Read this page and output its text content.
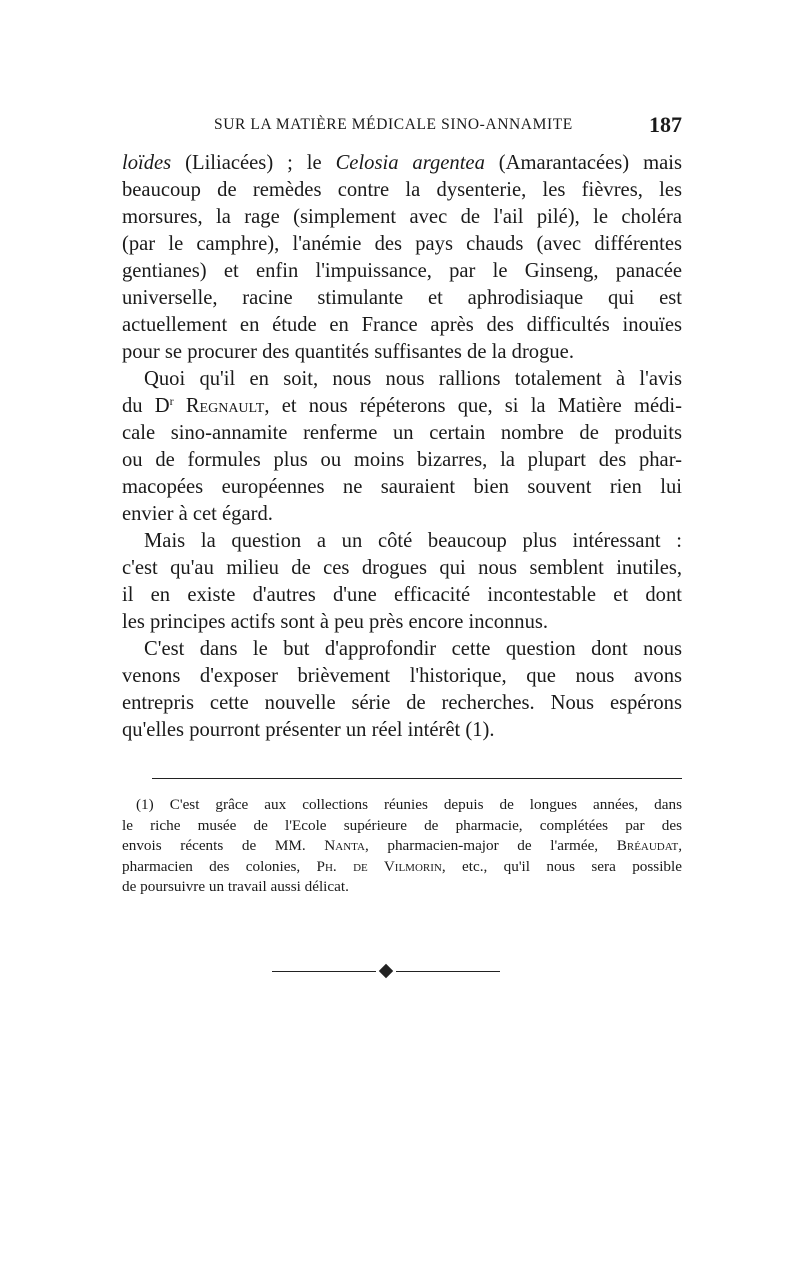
SUR LA MATIÈRE MÉDICALE SINO-ANNAMITE	187
loïdes (Liliacées) ; le Celosia argentea (Amarantacées) mais
beaucoup de remèdes contre la dysenterie, les fièvres, les
morsures, la rage (simplement avec de l'ail pilé), le choléra
(par le camphre), l'anémie des pays chauds (avec différentes
gentianes) et enfin l'impuissance, par le Ginseng, panacée
universelle, racine stimulante et aphrodisiaque qui est
actuellement en étude en France après des difficultés inouïes
pour se procurer des quantités suffisantes de la drogue.
Quoi qu'il en soit, nous nous rallions totalement à l'avis
du $D^r$ Regnault, et nous répéterons que, si la Matière médi-
cale sino-annamite renferme un certain nombre de produits
ou de formules plus ou moins bizarres, la plupart des phar-
macopées européennes ne sauraient bien souvent rien lui
envier à cet égard.
Mais la question a un côté beaucoup plus intéressant :
c'est qu'au milieu de ces drogues qui nous semblent inutiles,
il en existe d'autres d'une efficacité incontestable et dont
les principes actifs sont à peu près encore inconnus.
C'est dans le but d'approfondir cette question dont nous
venons d'exposer brièvement l'historique, que nous avons
entrepris cette nouvelle série de recherches. Nous espérons
qu'elles pourront présenter un réel intérêt (1).
(1) C'est grâce aux collections réunies depuis de longues années, dans
le riche musée de l'Ecole supérieure de pharmacie, complétées par des
envois récents de MM. Nanta, pharmacien-major de l'armée, Bréaudat,
pharmacien des colonies, Ph. de Vilmorin, etc., qu'il nous sera possible
de poursuivre un travail aussi délicat.
